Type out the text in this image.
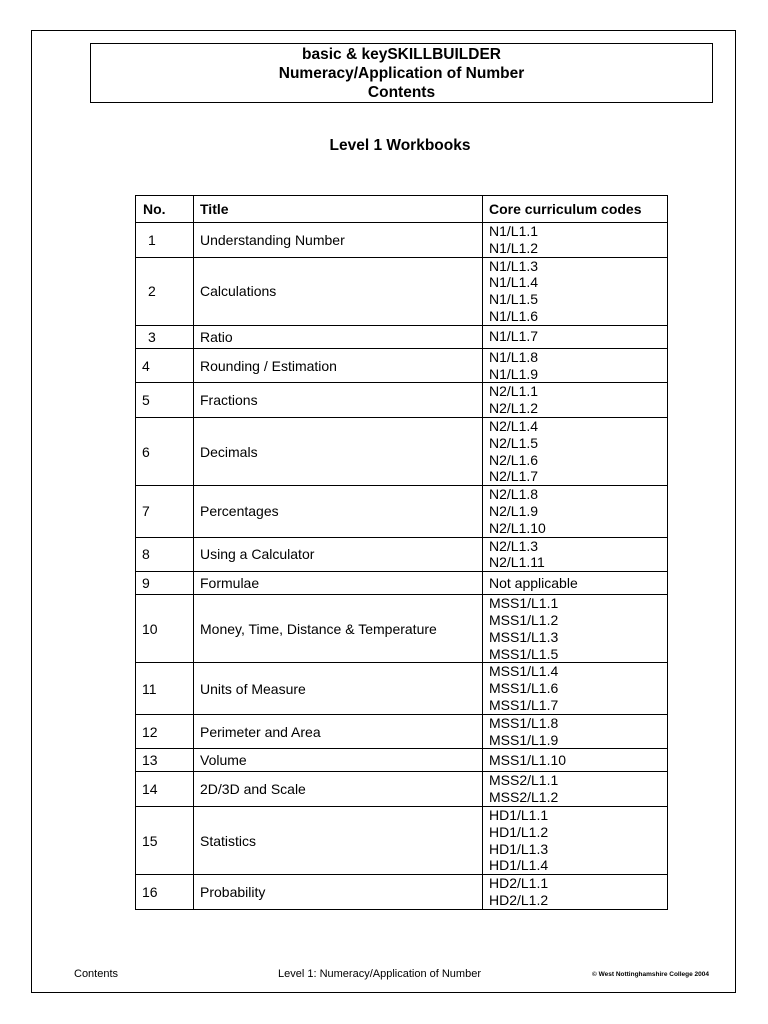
basic & keySKILLBUILDER
Numeracy/Application of Number
Contents
Level 1 Workbooks
No.	Title	Core curriculum codes
1	Understanding Number	N1/L1.1
N1/L1.2

2	Calculations	N1/L1.3
N1/L1.4
N1/L1.5
N1/L1.6

3	Ratio	N1/L1.7

4	Rounding / Estimation	N1/L1.8
N1/L1.9

5	Fractions	N2/L1.1
N2/L1.2

6	Decimals	N2/L1.4
N2/L1.5
N2/L1.6
N2/L1.7

7	Percentages	N2/L1.8
N2/L1.9
N2/L1.10

8	Using a Calculator	N2/L1.3
N2/L1.11

9	Formulae	Not applicable

10	Money, Time, Distance & Temperature	MSS1/L1.1
MSS1/L1.2
MSS1/L1.3
MSS1/L1.5

11	Units of Measure	MSS1/L1.4
MSS1/L1.6
MSS1/L1.7

12	Perimeter and Area	MSS1/L1.8
MSS1/L1.9

13	Volume	MSS1/L1.10

14	2D/3D and Scale	MSS2/L1.1
MSS2/L1.2

15	Statistics	HD1/L1.1
HD1/L1.2
HD1/L1.3
HD1/L1.4

16	Probability	HD2/L1.1
HD2/L1.2
Contents	Level 1: Numeracy/Application of Number	© West Nottinghamshire College 2004
